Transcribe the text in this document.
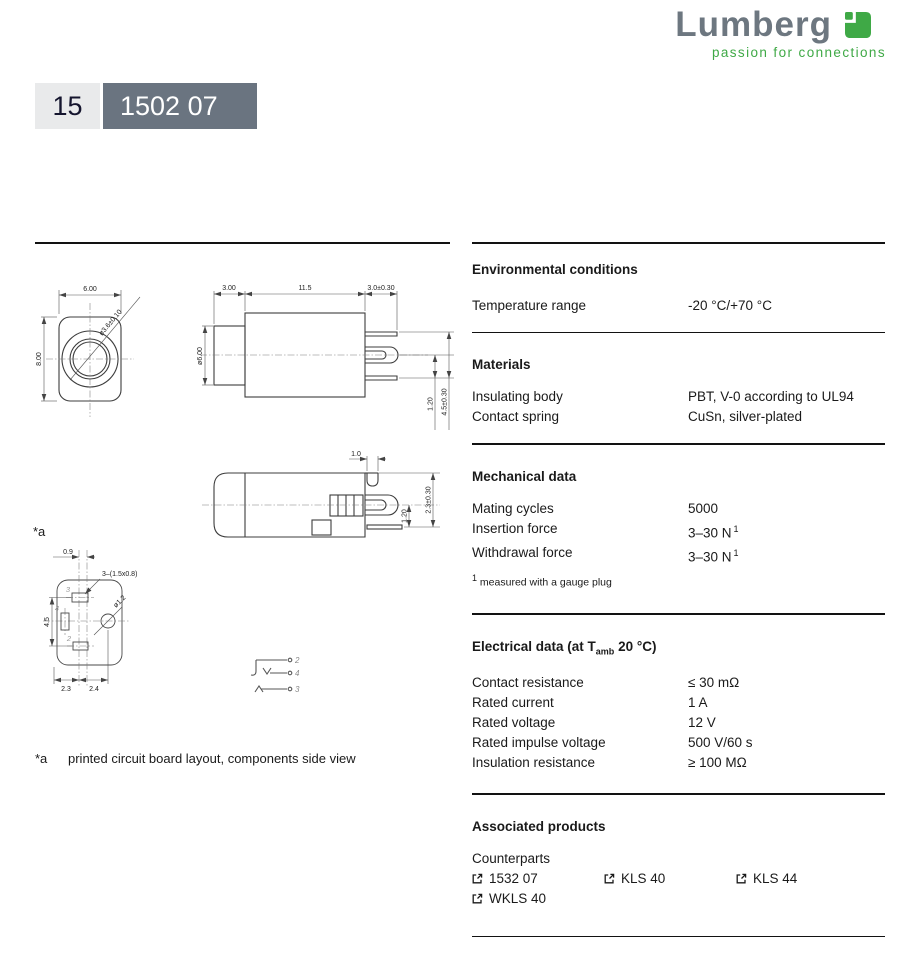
Lumberg
passion for connections
15	1502 07
6.00
8.00
ø3.6±0.10
3.00	11.5	3.0±0.30
ø6.00
1.20 4.5±0.30
1.0
1.20
2.3±0.30
*a
ø1.2
3
4
2
0.9
3–(1.5x0.8)
4.5
2.3	2.4
2
4
3
*a	printed circuit board layout, components side view
Environmental conditions
Temperature range	-20 °C/+70 °C
Materials
Insulating body	PBT, V-0 according to UL94
Contact spring	CuSn, silver-plated
Mechanical data
Mating cycles	5000
Insertion force	3–30 N $^1$
Withdrawal force	3–30 N $^1$
$^1$ measured with a gauge plug
Electrical data (at $T_{amb}$ 20 °C)
Contact resistance	≤ 30 mΩ
Rated current	1 A
Rated voltage	12 V
Rated impulse voltage	500 V/60 s
Insulation resistance	≥ 100 MΩ
Associated products
Counterparts
1532 07	KLS 40	KLS 44
WKLS 40
